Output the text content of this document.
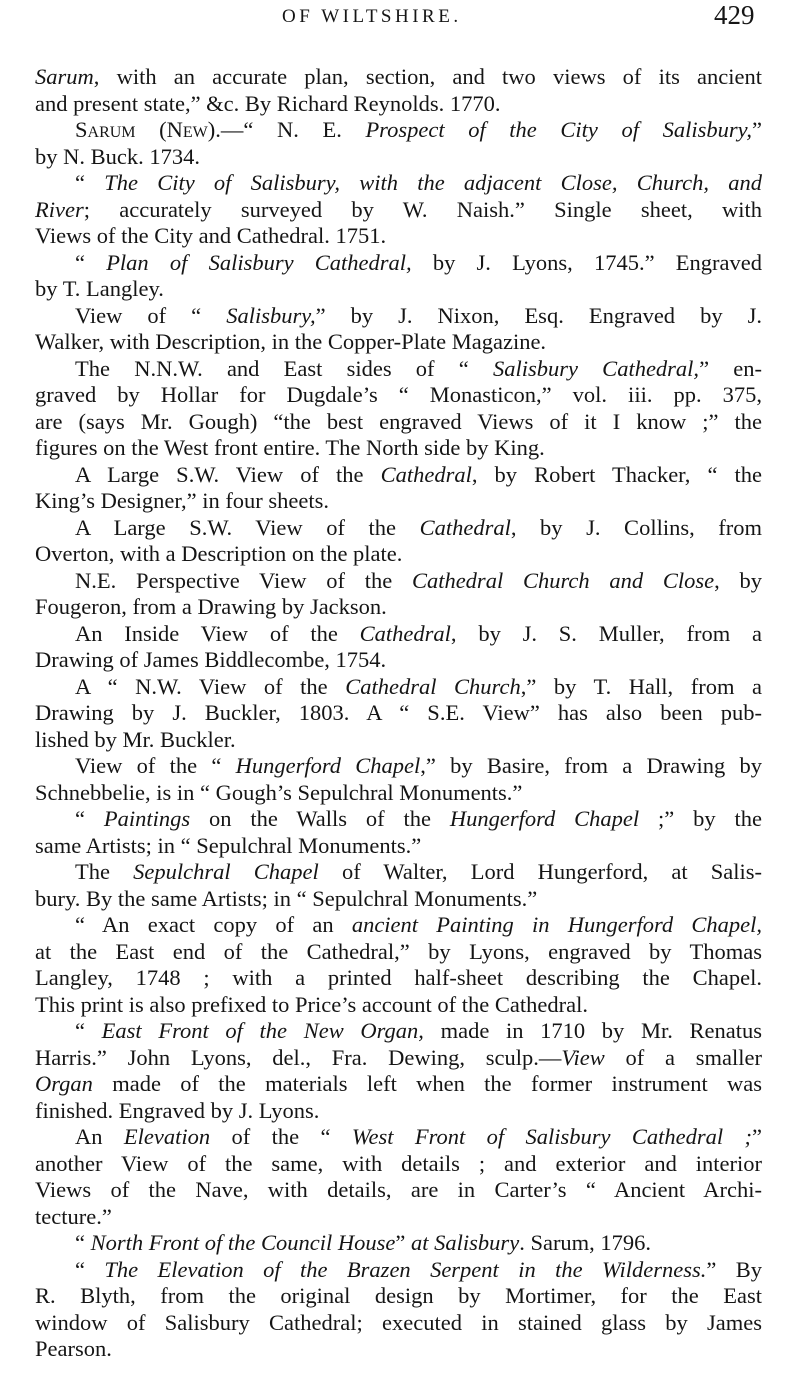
OF WILTSHIRE.	429
Sarum, with an accurate plan, section, and two views of its ancient
and present state,” &c. By Richard Reynolds. 1770.
Sarum (New).—“ N. E. Prospect of the City of Salisbury,”
by N. Buck. 1734.
“ The City of Salisbury, with the adjacent Close, Church, and
River; accurately surveyed by W. Naish.” Single sheet, with
Views of the City and Cathedral. 1751.
“ Plan of Salisbury Cathedral, by J. Lyons, 1745.” Engraved
by T. Langley.
View of “ Salisbury,” by J. Nixon, Esq. Engraved by J.
Walker, with Description, in the Copper-Plate Magazine.
The N.N.W. and East sides of “ Salisbury Cathedral,” en-
graved by Hollar for Dugdale’s “ Monasticon,” vol. iii. pp. 375,
are (says Mr. Gough) “the best engraved Views of it I know ;” the
figures on the West front entire. The North side by King.
A Large S.W. View of the Cathedral, by Robert Thacker, “ the
King’s Designer,” in four sheets.
A Large S.W. View of the Cathedral, by J. Collins, from
Overton, with a Description on the plate.
N.E. Perspective View of the Cathedral Church and Close, by
Fougeron, from a Drawing by Jackson.
An Inside View of the Cathedral, by J. S. Muller, from a
Drawing of James Biddlecombe, 1754.
A “ N.W. View of the Cathedral Church,” by T. Hall, from a
Drawing by J. Buckler, 1803. A “ S.E. View” has also been pub-
lished by Mr. Buckler.
View of the “ Hungerford Chapel,” by Basire, from a Drawing by
Schnebbelie, is in “ Gough’s Sepulchral Monuments.”
“ Paintings on the Walls of the Hungerford Chapel ;” by the
same Artists; in “ Sepulchral Monuments.”
The Sepulchral Chapel of Walter, Lord Hungerford, at Salis-
bury. By the same Artists; in “ Sepulchral Monuments.”
“ An exact copy of an ancient Painting in Hungerford Chapel,
at the East end of the Cathedral,” by Lyons, engraved by Thomas
Langley, 1748 ; with a printed half-sheet describing the Chapel.
This print is also prefixed to Price’s account of the Cathedral.
“ East Front of the New Organ, made in 1710 by Mr. Renatus
Harris.” John Lyons, del., Fra. Dewing, sculp.—View of a smaller
Organ made of the materials left when the former instrument was
finished. Engraved by J. Lyons.
An Elevation of the “ West Front of Salisbury Cathedral ;”
another View of the same, with details ; and exterior and interior
Views of the Nave, with details, are in Carter’s “ Ancient Archi-
tecture.”
“ North Front of the Council House” at Salisbury. Sarum, 1796.
“ The Elevation of the Brazen Serpent in the Wilderness.” By
R. Blyth, from the original design by Mortimer, for the East
window of Salisbury Cathedral; executed in stained glass by James
Pearson.
